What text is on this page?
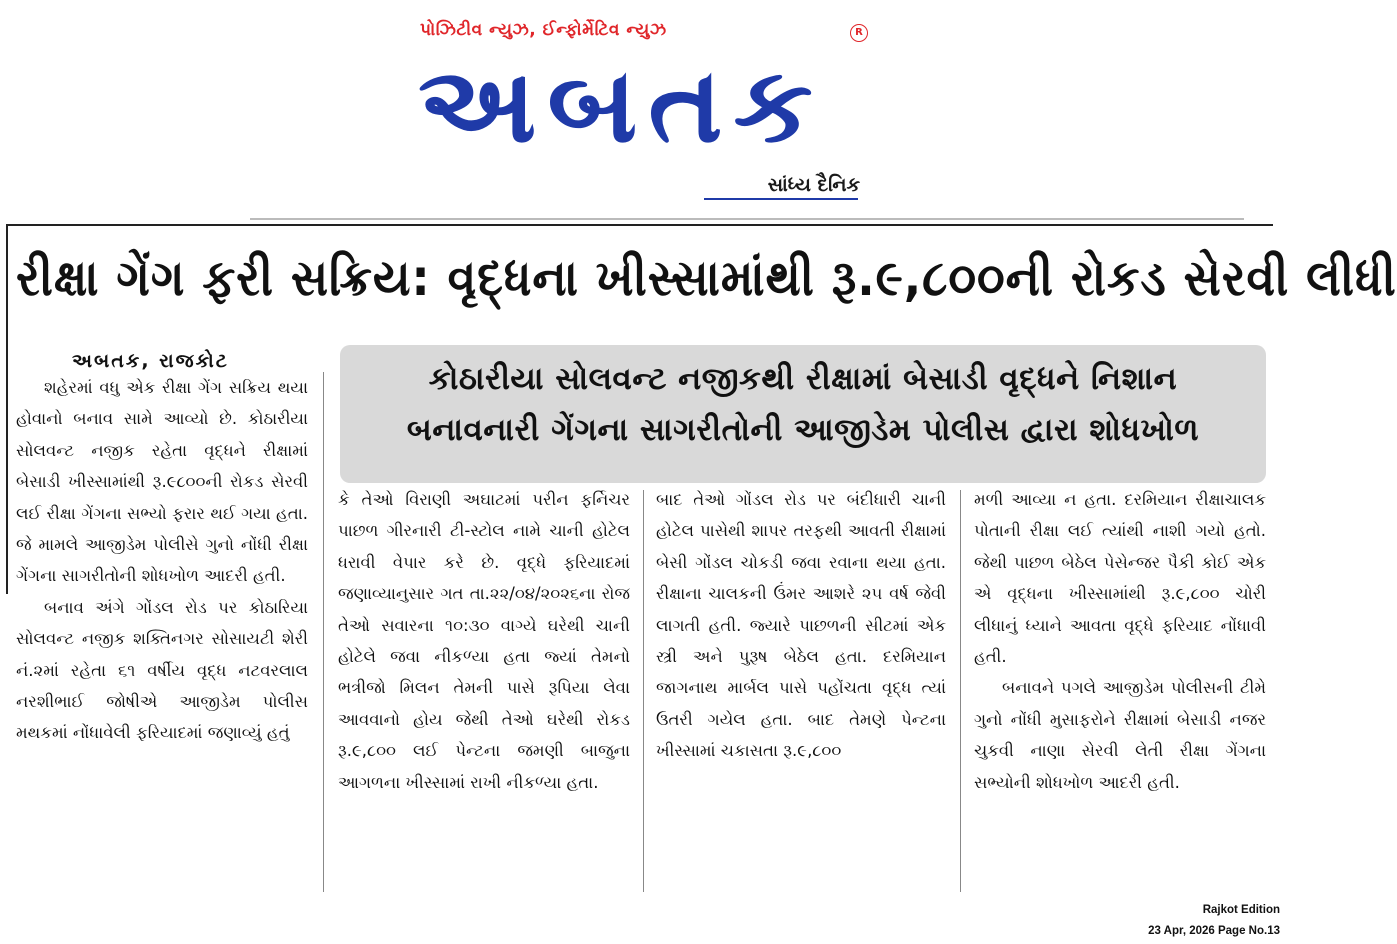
પોઝિટીવ ન્યુઝ, ઈન્ફોર્મેટિવ ન્યુઝ	R
અબતક
સાંધ્ય દૈનિક
રીક્ષા ગેંગ ફરી સક્રિય: વૃદ્ધના ખીસ્સામાંથી રૂ.૯,૮૦૦ની રોકડ સેરવી લીધી
કોઠારીયા સોલવન્ટ નજીકથી રીક્ષામાં બેસાડી વૃદ્ધને નિશાન
બનાવનારી ગેંગના સાગરીતોની આજીડેમ પોલીસ દ્વારા શોધખોળ
અબતક, રાજકોટ

શહેરમાં વધુ એક રીક્ષા ગેંગ સક્રિય થયા હોવાનો બનાવ સામે આવ્યો છે. કોઠારીયા સોલવન્ટ નજીક રહેતા વૃદ્ધને રીક્ષામાં બેસાડી ખીસ્સામાંથી રૂ.૯૮૦૦ની રોકડ સેરવી લઈ રીક્ષા ગેંગના સભ્યો ફરાર થઈ ગયા હતા. જે મામલે આજીડેમ પોલીસે ગુનો નોંધી રીક્ષા ગેંગના સાગરીતોની શોધખોળ આદરી હતી.

બનાવ અંગે ગોંડલ રોડ પર કોઠારિયા સોલવન્ટ નજીક શક્તિનગર સોસાયટી શેરી નં.૨માં રહેતા ૬૧ વર્ષીય વૃદ્ધ નટવરલાલ નરશીભાઈ જોષીએ આજીડેમ પોલીસ મથકમાં નોંધાવેલી ફરિયાદમાં જણાવ્યું હતું

કે તેઓ વિરાણી અઘાટમાં પરીન ફર્નિચર પાછળ ગીરનારી ટી-સ્ટોલ નામે ચાની હોટેલ ધરાવી વેપાર કરે છે. વૃદ્ધે ફરિયાદમાં જણાવ્યાનુસાર ગત તા.૨૨/૦૪/૨૦૨૬ના રોજ તેઓ સવારના ૧૦:૩૦ વાગ્યે ઘરેથી ચાની હોટેલે જવા નીકળ્યા હતા જ્યાં તેમનો ભત્રીજો મિલન તેમની પાસે રૂપિયા લેવા આવવાનો હોય જેથી તેઓ ઘરેથી રોકડ રૂ.૯,૮૦૦ લઈ પેન્ટના જમણી બાજુના આગળના ખીસ્સામાં રાખી નીકળ્યા હતા.

બાદ તેઓ ગોંડલ રોડ પર બંદીધારી ચાની હોટેલ પાસેથી શાપર તરફથી આવતી રીક્ષામાં બેસી ગોંડલ ચોકડી જવા રવાના થયા હતા. રીક્ષાના ચાલકની ઉંમર આશરે ૨૫ વર્ષ જેવી લાગતી હતી. જ્યારે પાછળની સીટમાં એક સ્ત્રી અને પુરૂષ બેઠેલ હતા. દરમિયાન જાગનાથ માર્બલ પાસે પહોંચતા વૃદ્ધ ત્યાં ઉતરી ગયેલ હતા. બાદ તેમણે પેન્ટના ખીસ્સામાં ચકાસતા રૂ.૯,૮૦૦

મળી આવ્યા ન હતા. દરમિયાન રીક્ષાચાલક પોતાની રીક્ષા લઈ ત્યાંથી નાશી ગયો હતો. જેથી પાછળ બેઠેલ પેસેન્જર પૈકી કોઈ એક એ વૃદ્ધના ખીસ્સામાંથી રૂ.૯,૮૦૦ ચોરી લીધાનું ધ્યાને આવતા વૃદ્ધે ફરિયાદ નોંધાવી હતી.

બનાવને પગલે આજીડેમ પોલીસની ટીમે ગુનો નોંધી મુસાફરોને રીક્ષામાં બેસાડી નજર ચુકવી નાણા સેરવી લેતી રીક્ષા ગેંગના સભ્યોની શોધખોળ આદરી હતી.

Rajkot Edition
23 Apr, 2026 Page No.13
